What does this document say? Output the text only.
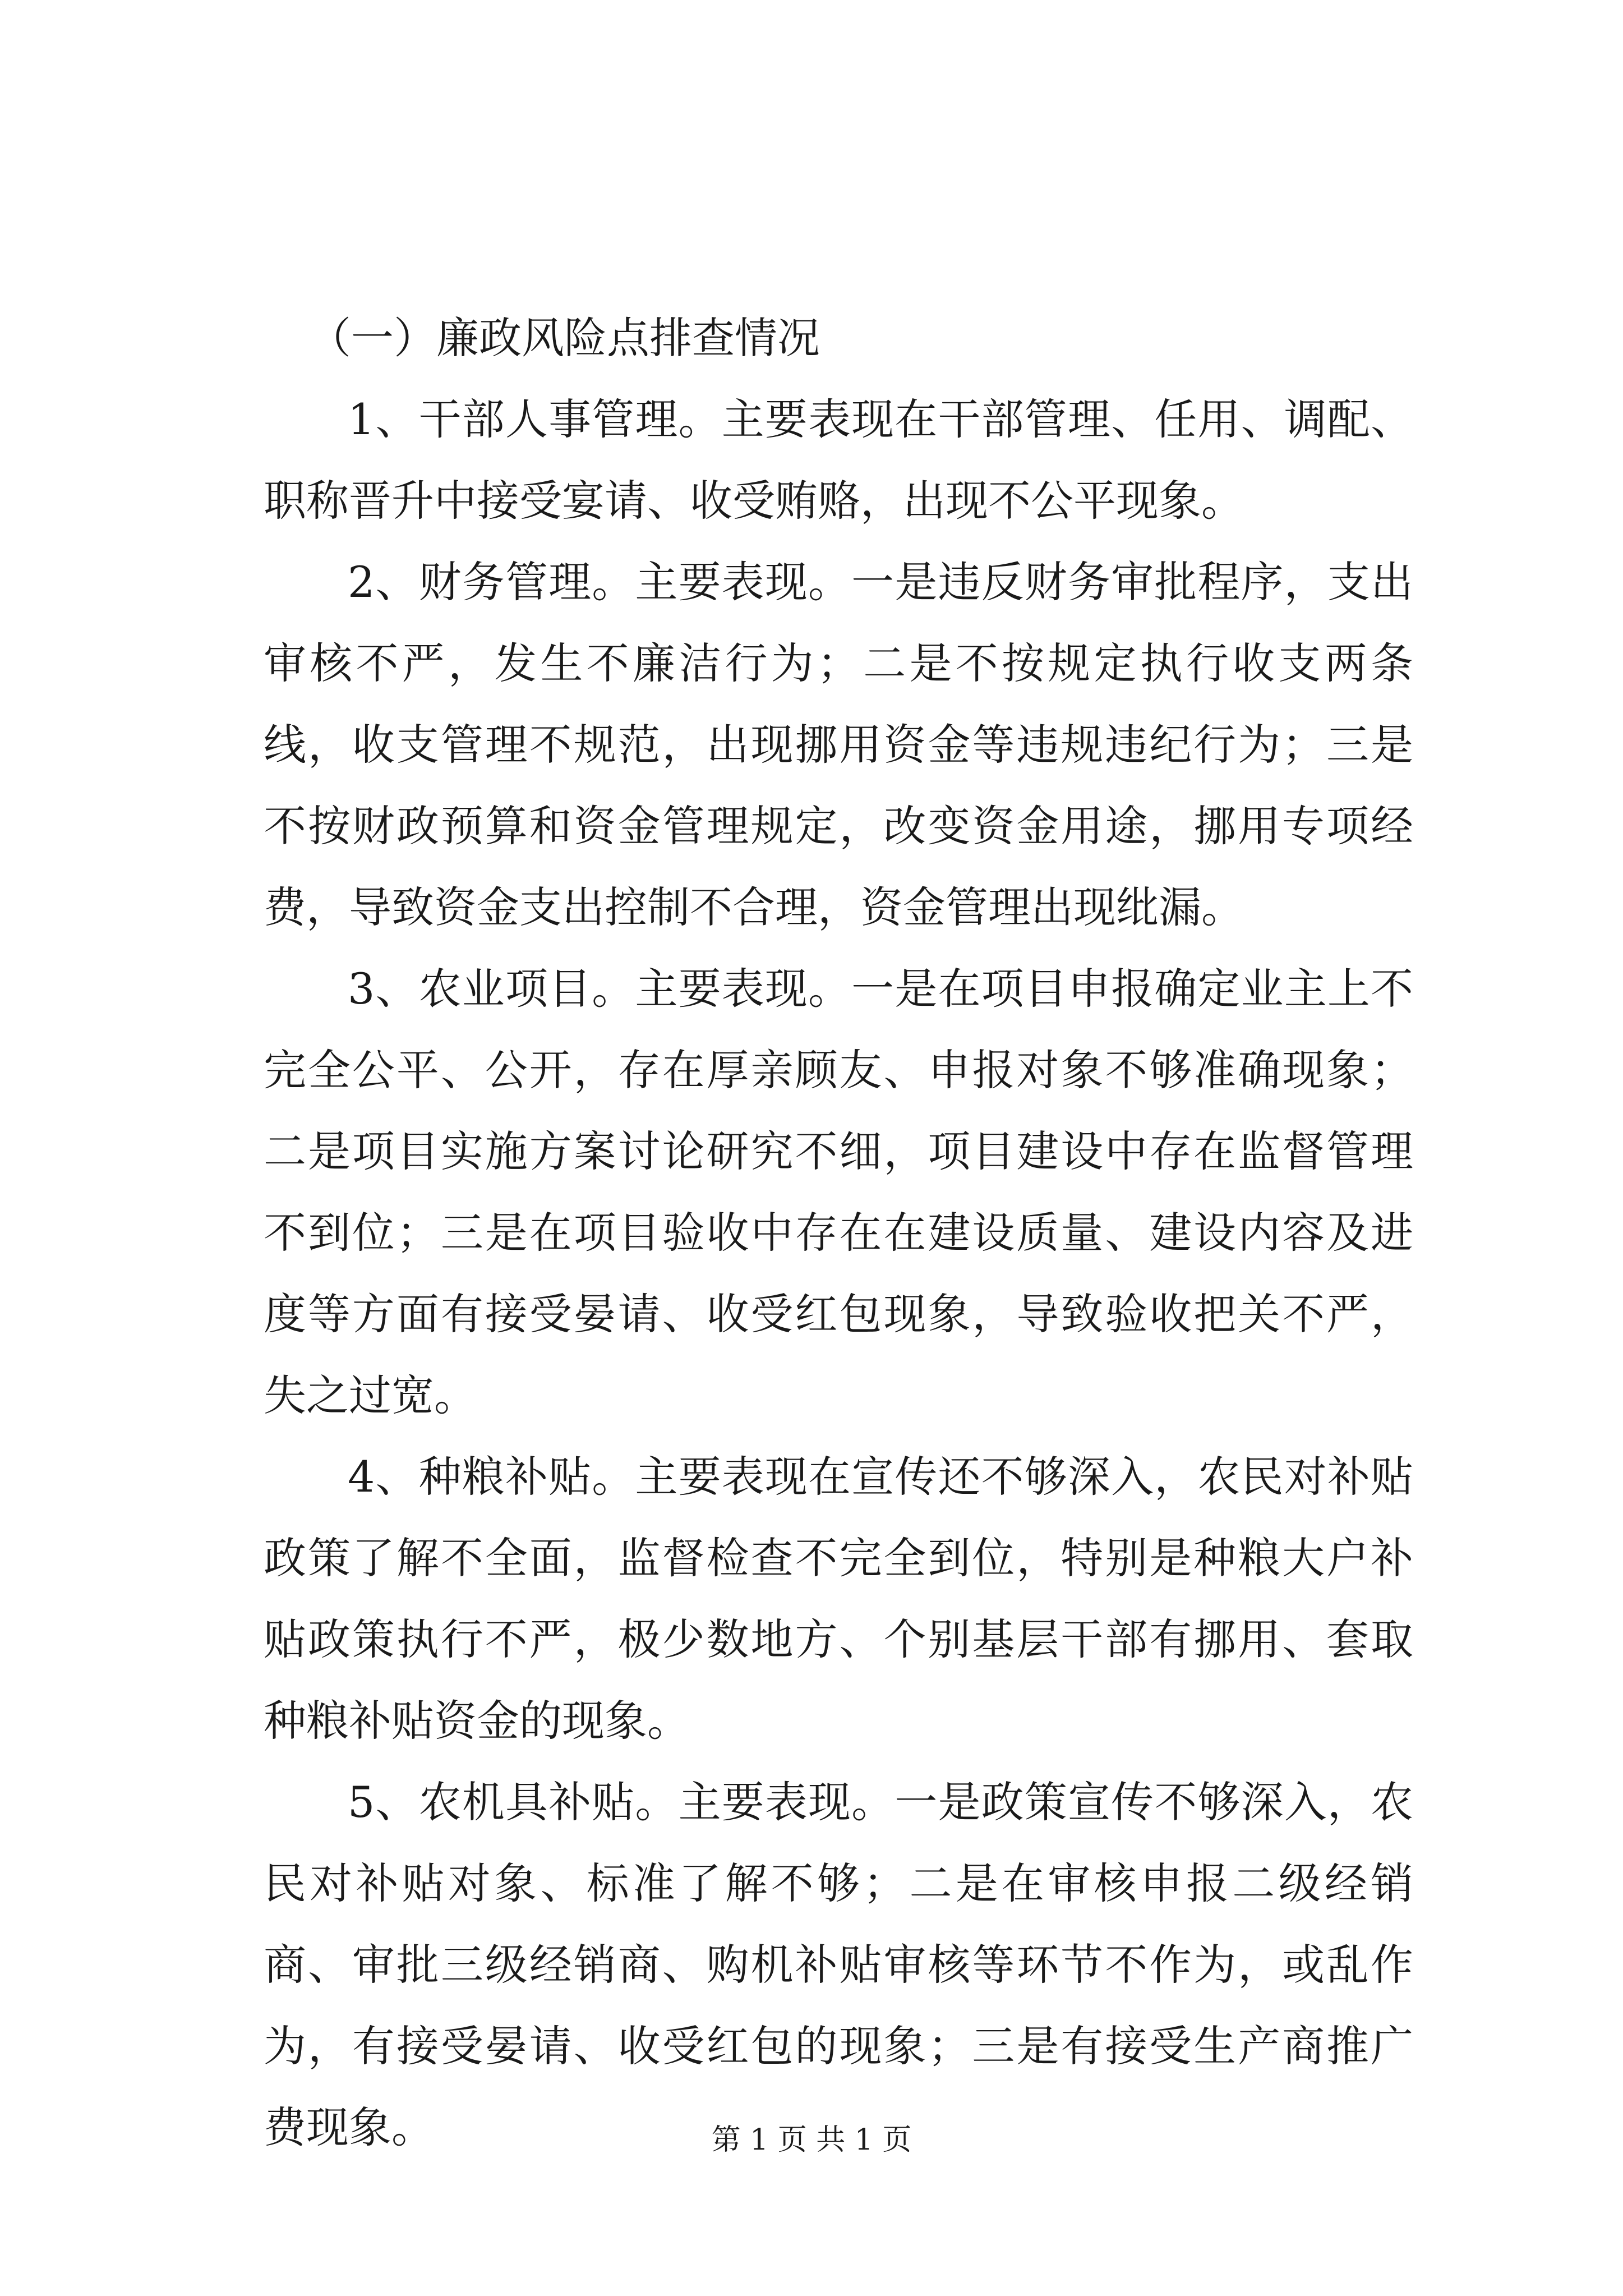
（一）廉政风险点排查情况

1、干部人事管理。主要表现在干部管理、任用、调配、职称晋升中接受宴请、收受贿赂，出现不公平现象。

2、财务管理。主要表现。一是违反财务审批程序，支出审核不严，发生不廉洁行为；二是不按规定执行收支两条线，收支管理不规范，出现挪用资金等违规违纪行为；三是不按财政预算和资金管理规定，改变资金用途，挪用专项经费，导致资金支出控制不合理，资金管理出现纰漏。

3、农业项目。主要表现。一是在项目申报确定业主上不完全公平、公开，存在厚亲顾友、申报对象不够准确现象；二是项目实施方案讨论研究不细，项目建设中存在监督管理不到位；三是在项目验收中存在在建设质量、建设内容及进度等方面有接受晏请、收受红包现象，导致验收把关不严，失之过宽。

4、种粮补贴。主要表现在宣传还不够深入，农民对补贴政策了解不全面，监督检查不完全到位，特别是种粮大户补贴政策执行不严，极少数地方、个别基层干部有挪用、套取种粮补贴资金的现象。

5、农机具补贴。主要表现。一是政策宣传不够深入，农民对补贴对象、标准了解不够；二是在审核申报二级经销商、审批三级经销商、购机补贴审核等环节不作为，或乱作为，有接受晏请、收受红包的现象；三是有接受生产商推广费现象。	第 1 页 共 1 页
